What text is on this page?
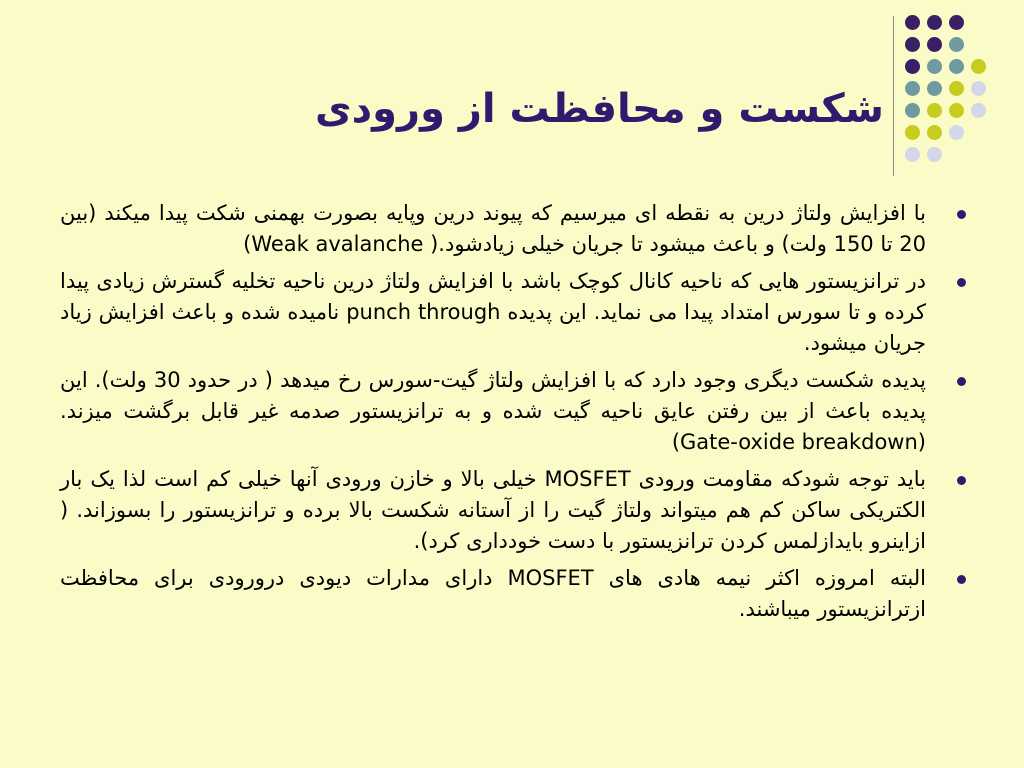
شکست و محافظت از ورودی
با افزایش ولتاژ درین به نقطه ای میرسیم که پیوند درین وپایه بصورت بهمنی شکت پیدا میکند (بین 20 تا 150 ولت) و باعث میشود تا جریان خیلی زیادشود.( Weak avalanche)
در ترانزیستور هایی که ناحیه کانال کوچک باشد با افزایش ولتاژ درین ناحیه تخلیه گسترش زیادی پیدا کرده و تا سورس امتداد پیدا می نماید. این پدیده punch through نامیده شده و باعث افزایش زیاد جریان میشود.
پدیده شکست دیگری وجود دارد که با افزایش ولتاژ گیت-سورس رخ میدهد ( در حدود 30 ولت). این پدیده باعث از بین رفتن عایق ناحیه گیت شده و به ترانزیستور صدمه غیر قابل برگشت میزند. (Gate-oxide breakdown)
باید توجه شودکه مقاومت ورودی MOSFET خیلی بالا و خازن ورودی آنها خیلی کم است لذا یک بار الکتریکی ساکن کم هم میتواند ولتاژ گیت را از آستانه شکست بالا برده و ترانزیستور را بسوزاند. ( ازاینرو بایدازلمس کردن ترانزیستور با دست خودداری کرد).
البته امروزه اکثر نیمه هادی های MOSFET دارای مدارات دیودی درورودی برای محافظت ازترانزیستور میباشند.
